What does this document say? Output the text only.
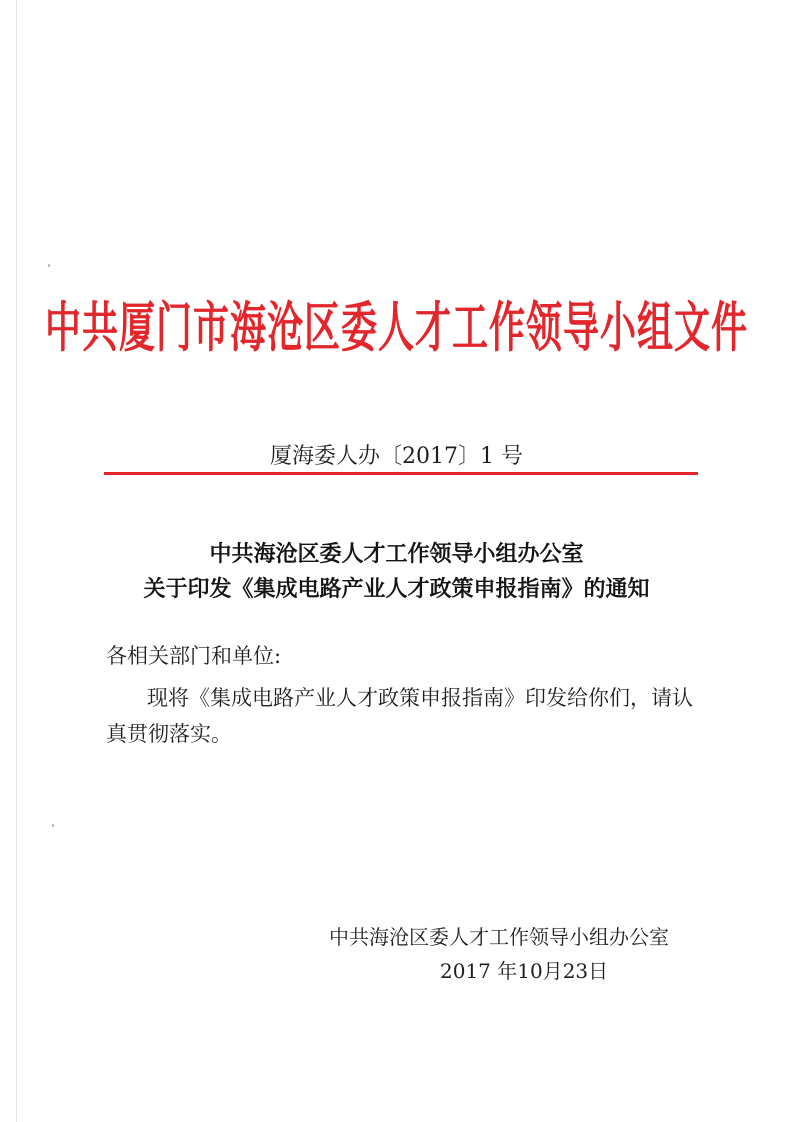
中共厦门市海沧区委人才工作领导小组文件
厦海委人办〔2017〕1 号
中共海沧区委人才工作领导小组办公室
关于印发《集成电路产业人才政策申报指南》的通知
各相关部门和单位:
现将《集成电路产业人才政策申报指南》印发给你们，请认
真贯彻落实。
中共海沧区委人才工作领导小组办公室
2017 年10月23日
